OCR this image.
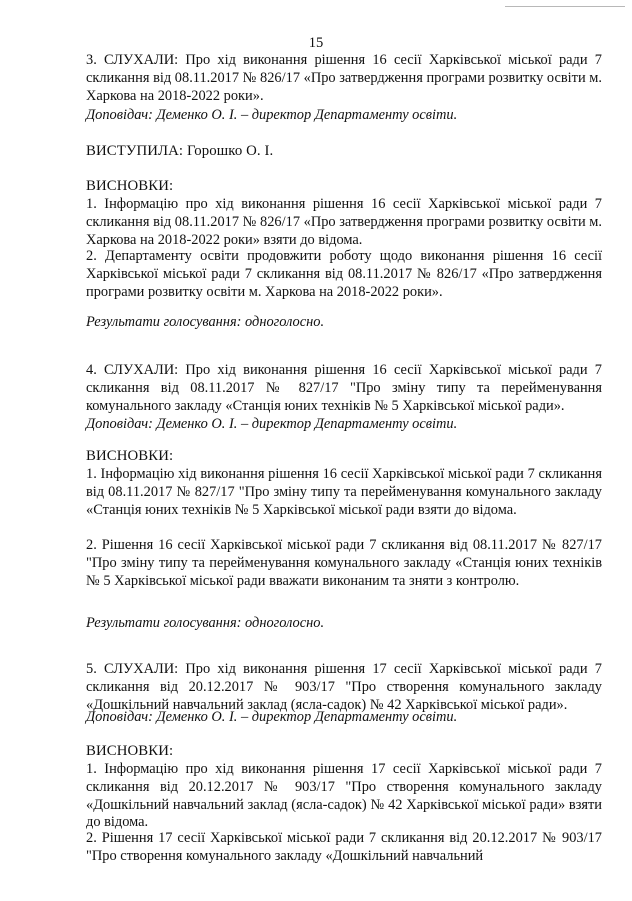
15

3. СЛУХАЛИ: Про хід виконання рішення 16 сесії Харківської міської ради 7 скликання від 08.11.2017 № 826/17 «Про затвердження програми розвитку освіти м. Харкова на 2018-2022 роки».

Доповідач: Деменко О. І. – директор Департаменту освіти.

ВИСТУПИЛА: Горошко О. І.

ВИСНОВКИ:

1. Інформацію про хід виконання рішення 16 сесії Харківської міської ради 7 скликання від 08.11.2017 № 826/17 «Про затвердження програми розвитку освіти м. Харкова на 2018-2022 роки» взяти до відома.

2. Департаменту освіти продовжити роботу щодо виконання рішення 16 сесії Харківської міської ради 7 скликання від 08.11.2017 № 826/17 «Про затвердження програми розвитку освіти м. Харкова на 2018-2022 роки».

Результати голосування: одноголосно.

4. СЛУХАЛИ: Про хід виконання рішення 16 сесії Харківської міської ради 7 скликання від 08.11.2017 № 827/17 "Про зміну типу та перейменування комунального закладу «Станція юних техніків № 5 Харківської міської ради».

Доповідач: Деменко О. І. – директор Департаменту освіти.

ВИСНОВКИ:

1. Інформацію хід виконання рішення 16 сесії Харківської міської ради 7 скликання від 08.11.2017 № 827/17 "Про зміну типу та перейменування комунального закладу «Станція юних техніків № 5 Харківської міської ради взяти до відома.

2. Рішення 16 сесії Харківської міської ради 7 скликання від 08.11.2017 № 827/17 "Про зміну типу та перейменування комунального закладу «Станція юних техніків № 5 Харківської міської ради вважати виконаним та зняти з контролю.

Результати голосування: одноголосно.

5. СЛУХАЛИ: Про хід виконання рішення 17 сесії Харківської міської ради 7 скликання від 20.12.2017 № 903/17 "Про створення комунального закладу «Дошкільний навчальний заклад (ясла-садок) № 42 Харківської міської ради».

Доповідач: Деменко О. І. – директор Департаменту освіти.

ВИСНОВКИ:

1. Інформацію про хід виконання рішення 17 сесії Харківської міської ради 7 скликання від 20.12.2017 № 903/17 "Про створення комунального закладу «Дошкільний навчальний заклад (ясла-садок) № 42 Харківської міської ради» взяти до відома.

2. Рішення 17 сесії Харківської міської ради 7 скликання від 20.12.2017 № 903/17 "Про створення комунального закладу «Дошкільний навчальний
